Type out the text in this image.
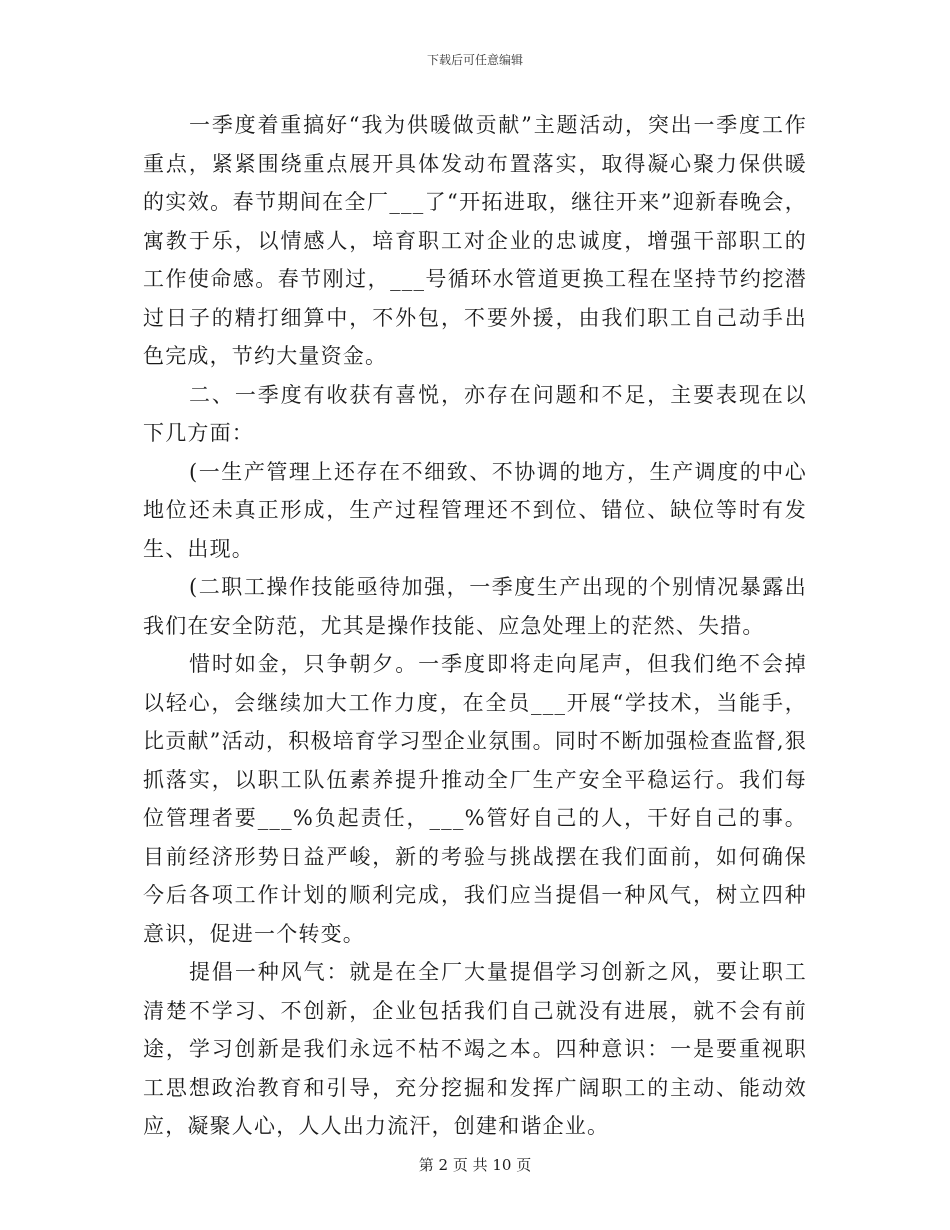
下载后可任意编辑

一季度着重搞好“我为供暖做贡献”主题活动，突出一季度工作重点，紧紧围绕重点展开具体发动布置落实，取得凝心聚力保供暖的实效。春节期间在全厂___了“开拓进取，继往开来”迎新春晚会，寓教于乐，以情感人，培育职工对企业的忠诚度，增强干部职工的工作使命感。春节刚过，___号循环水管道更换工程在坚持节约挖潜过日子的精打细算中，不外包，不要外援，由我们职工自己动手出色完成，节约大量资金。

二、一季度有收获有喜悦，亦存在问题和不足，主要表现在以下几方面：

(一生产管理上还存在不细致、不协调的地方，生产调度的中心地位还未真正形成，生产过程管理还不到位、错位、缺位等时有发生、出现。

(二职工操作技能亟待加强，一季度生产出现的个别情况暴露出我们在安全防范，尤其是操作技能、应急处理上的茫然、失措。

惜时如金，只争朝夕。一季度即将走向尾声，但我们绝不会掉以轻心，会继续加大工作力度，在全员___开展“学技术，当能手，比贡献”活动，积极培育学习型企业氛围。同时不断加强检查监督,狠抓落实，以职工队伍素养提升推动全厂生产安全平稳运行。我们每位管理者要___%负起责任，___%管好自己的人，干好自己的事。目前经济形势日益严峻，新的考验与挑战摆在我们面前，如何确保今后各项工作计划的顺利完成，我们应当提倡一种风气，树立四种意识，促进一个转变。

提倡一种风气：就是在全厂大量提倡学习创新之风，要让职工清楚不学习、不创新，企业包括我们自己就没有进展，就不会有前途，学习创新是我们永远不枯不竭之本。四种意识：一是要重视职工思想政治教育和引导，充分挖掘和发挥广阔职工的主动、能动效应，凝聚人心，人人出力流汗，创建和谐企业。

第 2 页 共 10 页
